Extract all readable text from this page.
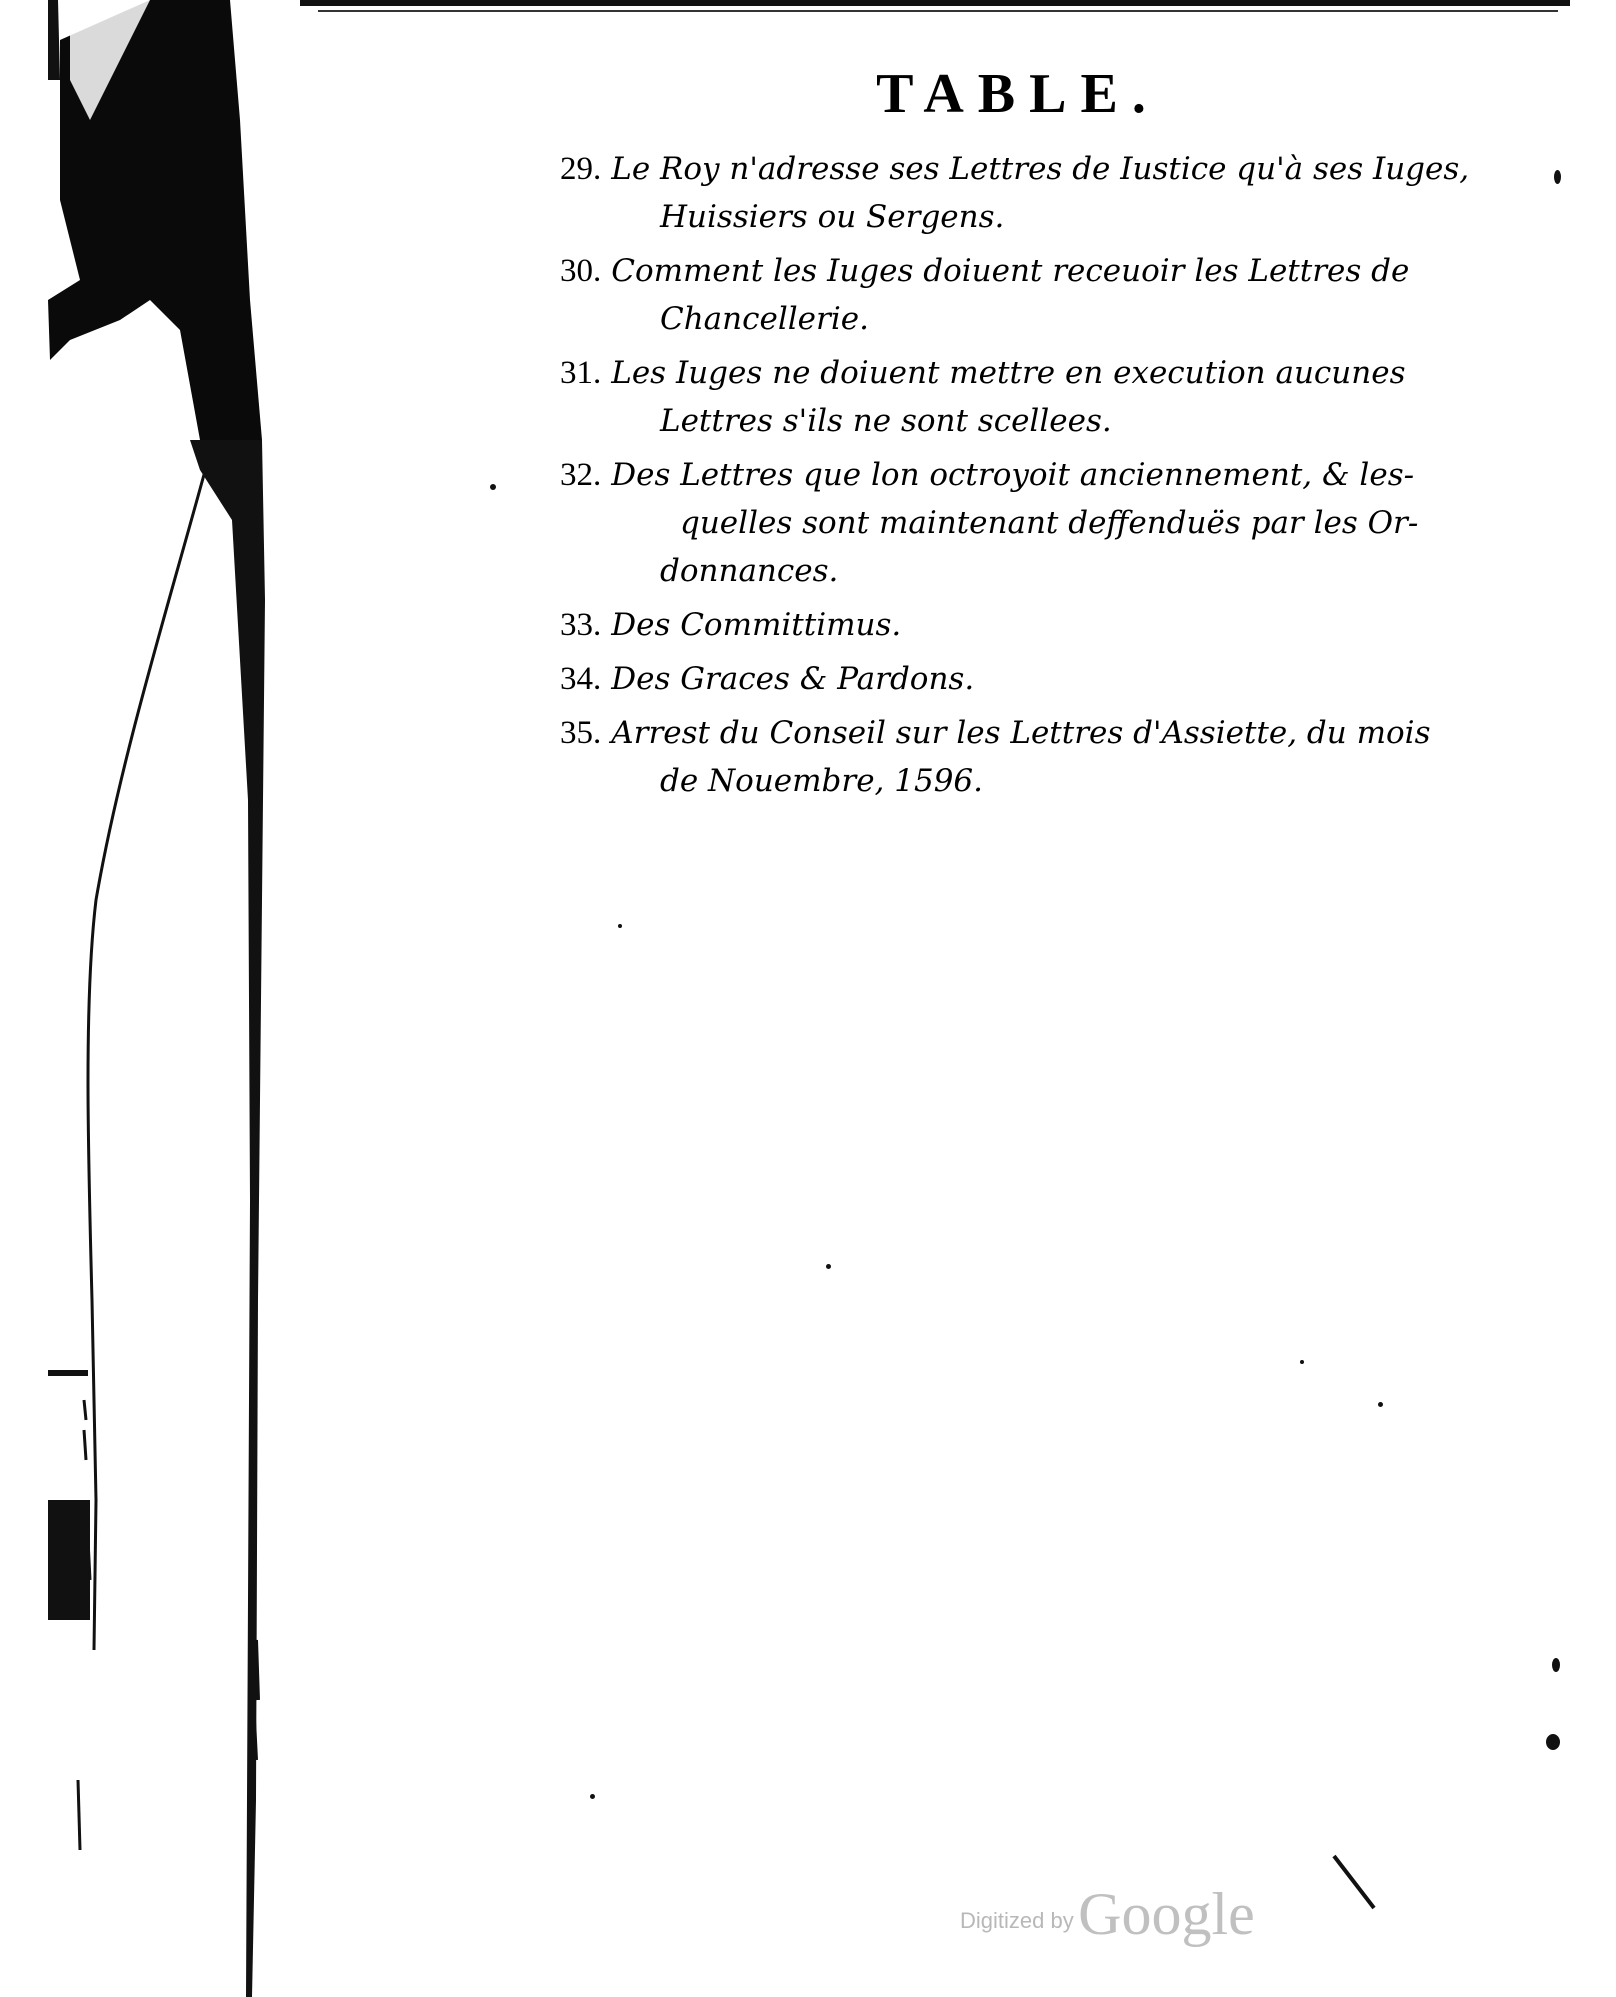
TABLE.
29. Le Roy n'adresse ses Lettres de Iustice qu'à ses Iuges,
Huissiers ou Sergens.
30. Comment les Iuges doiuent receuoir les Lettres de
Chancellerie.
31. Les Iuges ne doiuent mettre en execution aucunes
Lettres s'ils ne sont scellees.
32. Des Lettres que lon octroyoit anciennement, & les-
quelles sont maintenant deffenduës par les Or-
donnances.
33. Des Committimus.
34. Des Graces & Pardons.
35. Arrest du Conseil sur les Lettres d'Assiette, du mois
de Nouembre, 1596.
Digitized by Google
